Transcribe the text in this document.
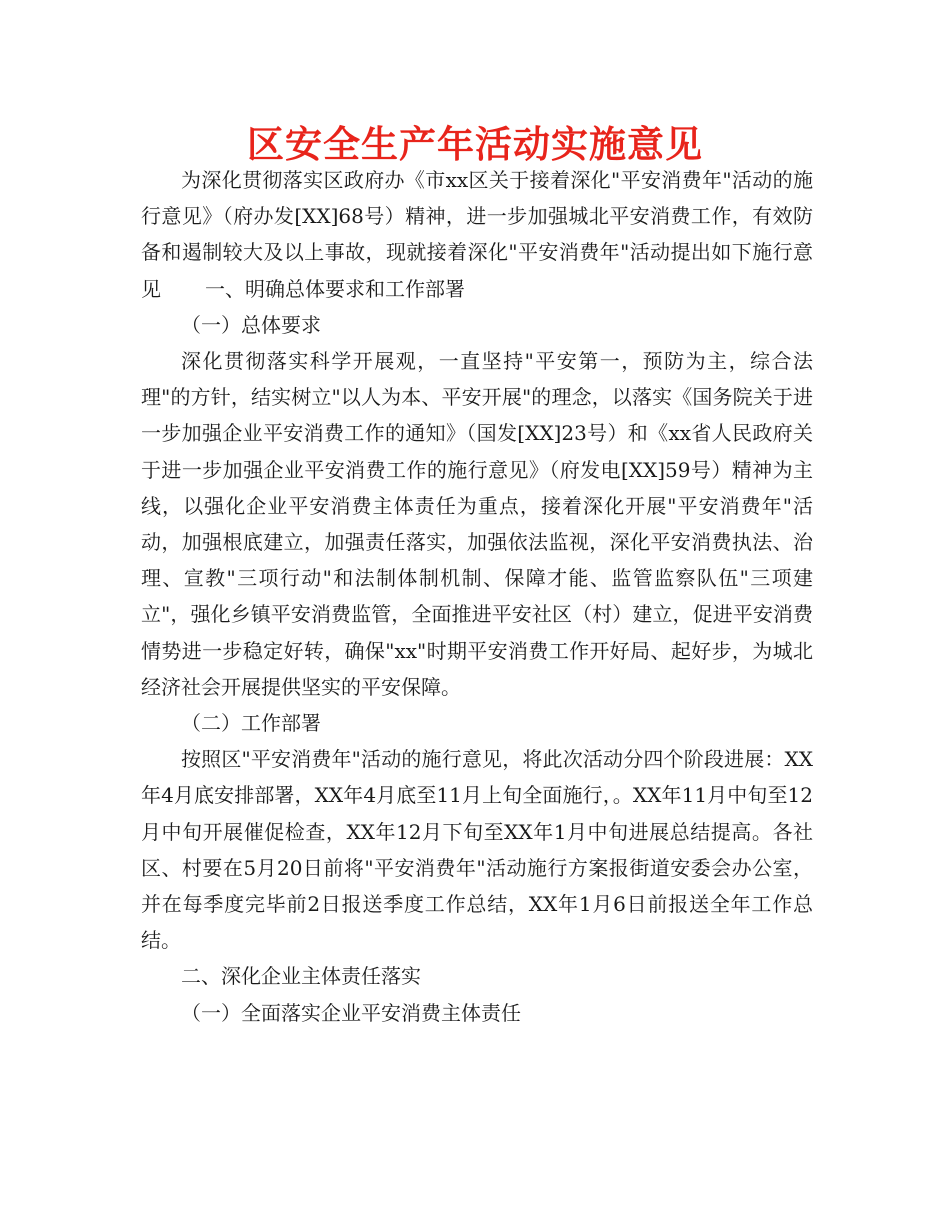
区安全生产年活动实施意见

为深化贯彻落实区政府办《市xx区关于接着深化"平安消费年"活动的施行意见》（府办发[XX]68号）精神，进一步加强城北平安消费工作，有效防备和遏制较大及以上事故，现就接着深化"平安消费年"活动提出如下施行意见 一、明确总体要求和工作部署

（一）总体要求

深化贯彻落实科学开展观，一直坚持"平安第一，预防为主，综合法理"的方针，结实树立"以人为本、平安开展"的理念，以落实《国务院关于进一步加强企业平安消费工作的通知》（国发[XX]23号）和《xx省人民政府关于进一步加强企业平安消费工作的施行意见》（府发电[XX]59号）精神为主线，以强化企业平安消费主体责任为重点，接着深化开展"平安消费年"活动，加强根底建立，加强责任落实，加强依法监视，深化平安消费执法、治理、宣教"三项行动"和法制体制机制、保障才能、监管监察队伍"三项建立"，强化乡镇平安消费监管，全面推进平安社区（村）建立，促进平安消费情势进一步稳定好转，确保"xx"时期平安消费工作开好局、起好步，为城北经济社会开展提供坚实的平安保障。

（二）工作部署

按照区"平安消费年"活动的施行意见，将此次活动分四个阶段进展：XX年4月底安排部署，XX年4月底至11月上旬全面施行，。XX年11月中旬至12月中旬开展催促检查，XX年12月下旬至XX年1月中旬进展总结提高。各社区、村要在5月20日前将"平安消费年"活动施行方案报街道安委会办公室，并在每季度完毕前2日报送季度工作总结，XX年1月6日前报送全年工作总结。

二、深化企业主体责任落实

（一）全面落实企业平安消费主体责任
